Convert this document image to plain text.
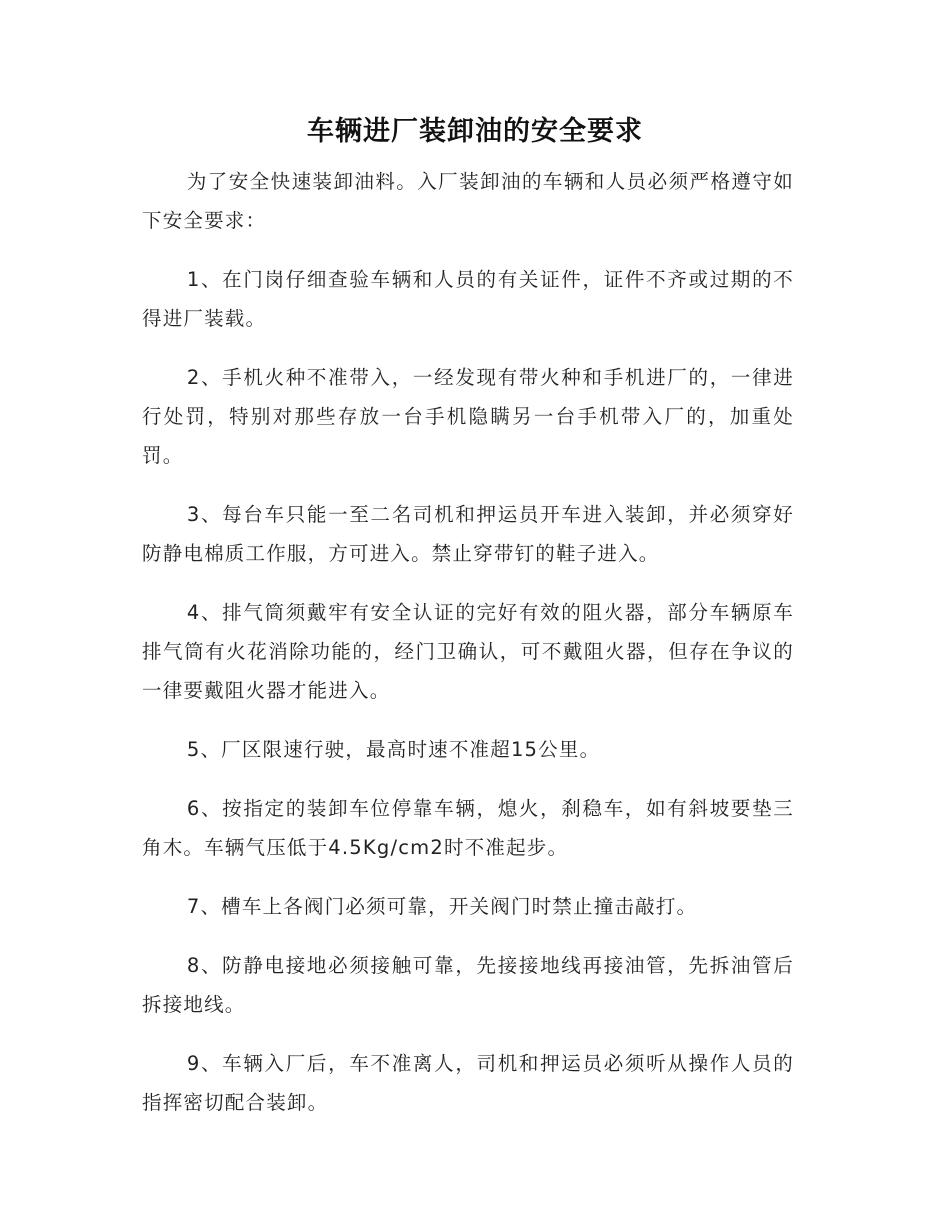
车辆进厂装卸油的安全要求

为了安全快速装卸油料。入厂装卸油的车辆和人员必须严格遵守如下安全要求：

1、在门岗仔细查验车辆和人员的有关证件，证件不齐或过期的不得进厂装载。

2、手机火种不准带入，一经发现有带火种和手机进厂的，一律进行处罚，特别对那些存放一台手机隐瞒另一台手机带入厂的，加重处罚。

3、每台车只能一至二名司机和押运员开车进入装卸，并必须穿好防静电棉质工作服，方可进入。禁止穿带钉的鞋子进入。

4、排气筒须戴牢有安全认证的完好有效的阻火器，部分车辆原车排气筒有火花消除功能的，经门卫确认，可不戴阻火器，但存在争议的一律要戴阻火器才能进入。

5、厂区限速行驶，最高时速不准超15公里。

6、按指定的装卸车位停靠车辆，熄火，刹稳车，如有斜坡要垫三角木。车辆气压低于4.5Kg/cm2时不准起步。

7、槽车上各阀门必须可靠，开关阀门时禁止撞击敲打。

8、防静电接地必须接触可靠，先接接地线再接油管，先拆油管后拆接地线。

9、车辆入厂后，车不准离人，司机和押运员必须听从操作人员的指挥密切配合装卸。
